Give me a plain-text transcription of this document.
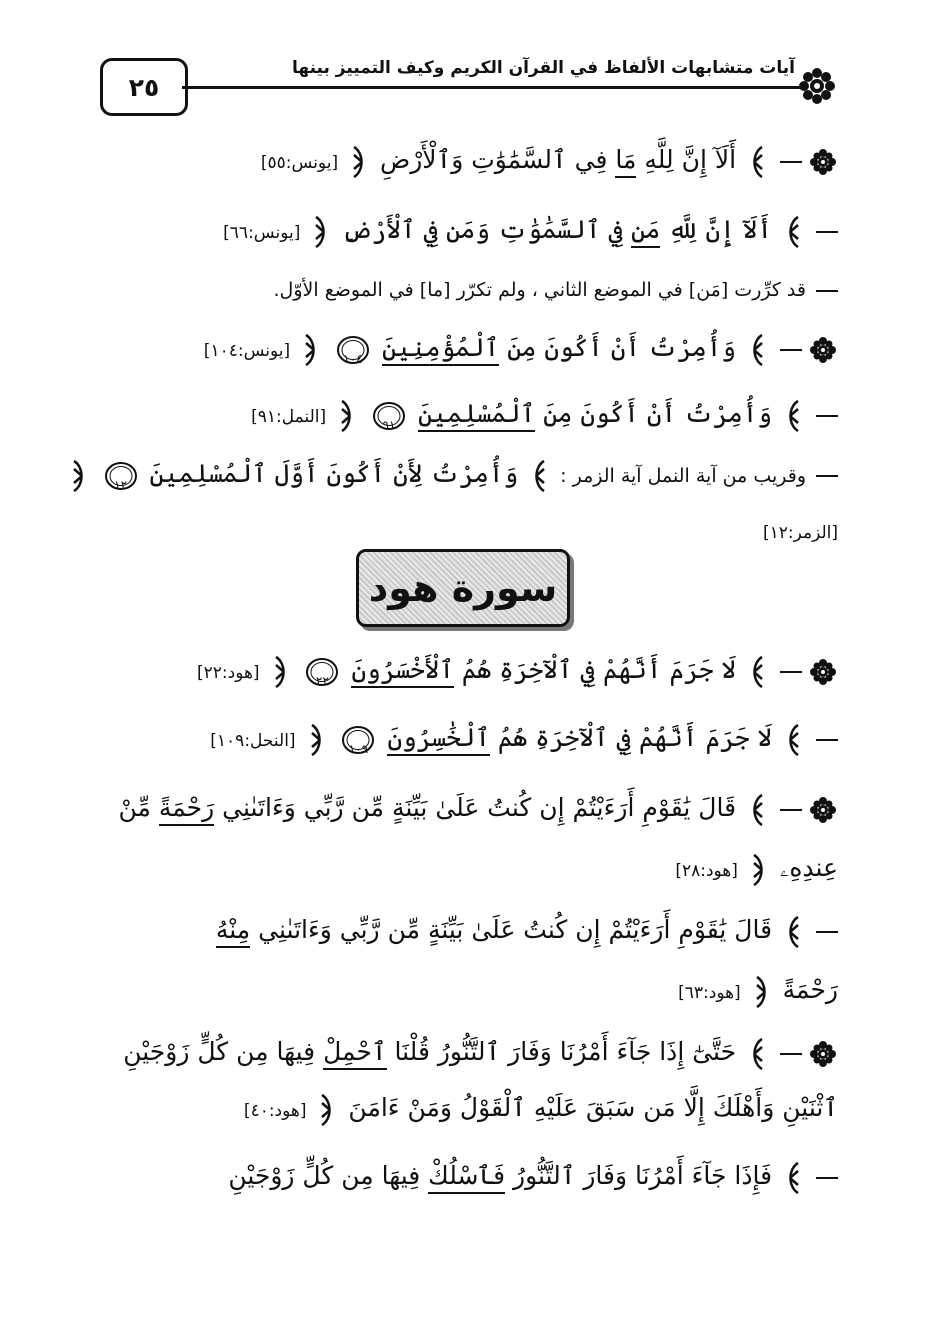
٢٥
آيات متشابهات الألفاظ في القرآن الكريم وكيف التمييز بينها
أَلَآ إِنَّ لِلَّهِ مَا فِي ٱلسَّمَٰوَٰتِ وَٱلْأَرْضِ  [يونس:٥٥]
أَلَآ إِنَّ لِلَّهِ مَن فِي ٱلسَّمَٰوَٰتِ وَمَن فِي ٱلْأَرْضِ  [يونس:٦٦]
قد كرِّرت [مَن] في الموضع الثاني ، ولم تكرّر [ما] في الموضع الأوّل.
وَأُمِرْتُ أَنْ أَكُونَ مِنَ ٱلْمُؤْمِنِينَ
١٠٤
[يونس:١٠٤]
وَأُمِرْتُ أَنْ أَكُونَ مِنَ ٱلْمُسْلِمِينَ
٩١
[النمل:٩١]
وقريب من آية النمل آية الزمر :  وَأُمِرْتُ لِأَنْ أَكُونَ أَوَّلَ ٱلْمُسْلِمِينَ
١٢

[الزمر:١٢]
سورة هود
لَا جَرَمَ أَنَّهُمْ فِي ٱلْآخِرَةِ هُمُ ٱلْأَخْسَرُونَ
٢٢
[هود:٢٢]
لَا جَرَمَ أَنَّهُمْ فِي ٱلْآخِرَةِ هُمُ ٱلْخَٰسِرُونَ
١٠٩
[النحل:١٠٩]
قَالَ يَٰقَوْمِ أَرَءَيْتُمْ إِن كُنتُ عَلَىٰ بَيِّنَةٍ مِّن رَّبِّي وَءَاتَىٰنِي رَحْمَةً مِّنْ
عِندِهِۦ  [هود:٢٨]
قَالَ يَٰقَوْمِ أَرَءَيْتُمْ إِن كُنتُ عَلَىٰ بَيِّنَةٍ مِّن رَّبِّي وَءَاتَىٰنِي مِنْهُ
رَحْمَةً  [هود:٦٣]
حَتَّىٰٓ إِذَا جَآءَ أَمْرُنَا وَفَارَ ٱلتَّنُّورُ قُلْنَا ٱحْمِلْ فِيهَا مِن كُلٍّ زَوْجَيْنِ
ٱثْنَيْنِ وَأَهْلَكَ إِلَّا مَن سَبَقَ عَلَيْهِ ٱلْقَوْلُ وَمَنْ ءَامَنَ  [هود:٤٠]
فَإِذَا جَآءَ أَمْرُنَا وَفَارَ ٱلتَّنُّورُ فَٱسْلُكْ فِيهَا مِن كُلٍّ زَوْجَيْنِ
